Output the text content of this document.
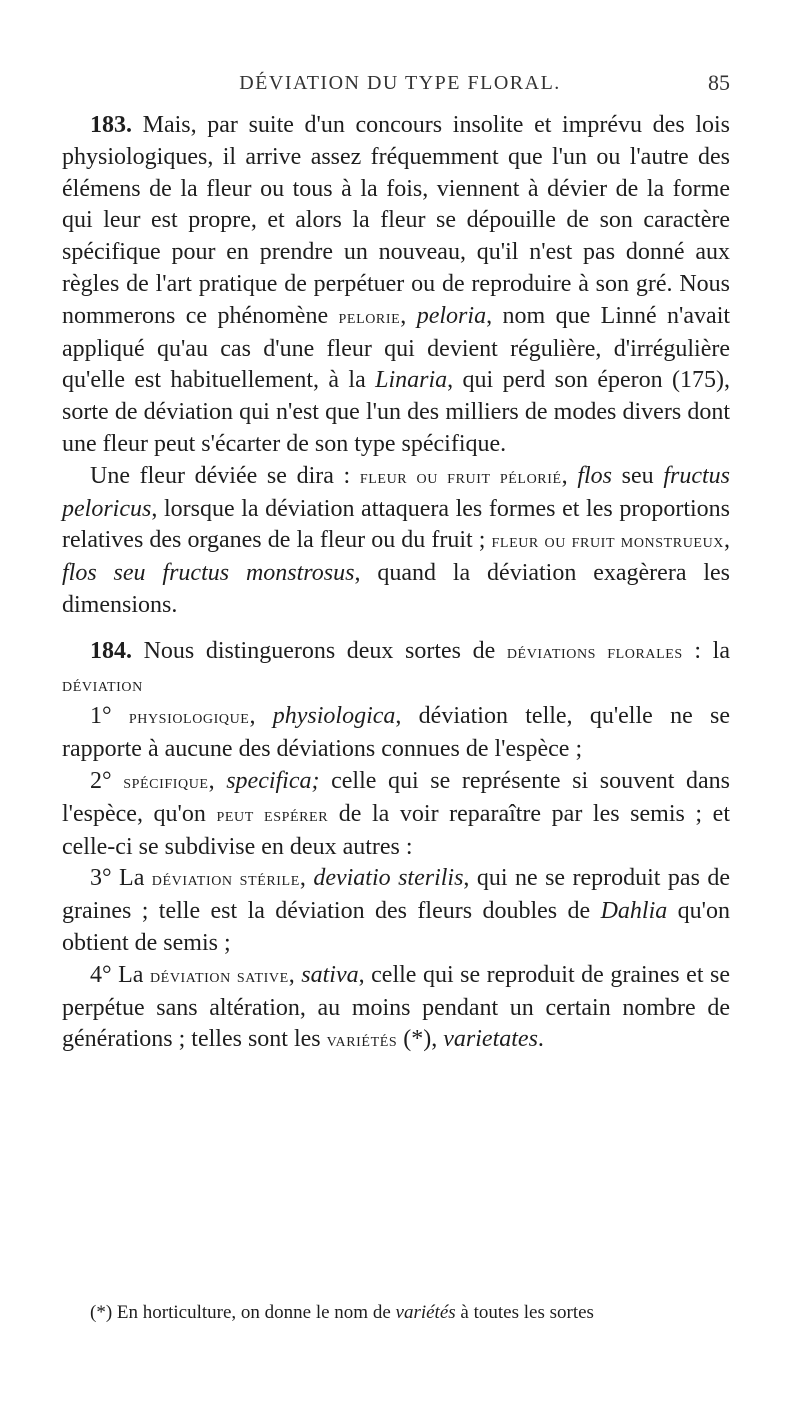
DÉVIATION DU TYPE FLORAL.	85

183. Mais, par suite d'un concours insolite et imprévu des lois physiologiques, il arrive assez fréquemment que l'un ou l'autre des élémens de la fleur ou tous à la fois, viennent à dévier de la forme qui leur est propre, et alors la fleur se dépouille de son caractère spécifique pour en prendre un nouveau, qu'il n'est pas donné aux règles de l'art pratique de perpétuer ou de reproduire à son gré. Nous nommerons ce phénomène pelorie, peloria, nom que Linné n'avait appliqué qu'au cas d'une fleur qui devient régulière, d'irrégulière qu'elle est habituellement, à la Linaria, qui perd son éperon (175), sorte de déviation qui n'est que l'un des milliers de modes divers dont une fleur peut s'écarter de son type spécifique.

Une fleur déviée se dira : fleur ou fruit pélorié, flos seu fructus peloricus, lorsque la déviation attaquera les formes et les proportions relatives des organes de la fleur ou du fruit ; fleur ou fruit monstrueux, flos seu fructus monstrosus, quand la déviation exagèrera les dimensions.

184. Nous distinguerons deux sortes de déviations florales : la déviation

1° physiologique, physiologica, déviation telle, qu'elle ne se rapporte à aucune des déviations connues de l'espèce ;

2° spécifique, specifica; celle qui se représente si souvent dans l'espèce, qu'on peut espérer de la voir reparaître par les semis ; et celle-ci se subdivise en deux autres :

3° La déviation stérile, deviatio sterilis, qui ne se reproduit pas de graines ; telle est la déviation des fleurs doubles de Dahlia qu'on obtient de semis ;

4° La déviation sative, sativa, celle qui se reproduit de graines et se perpétue sans altération, au moins pendant un certain nombre de générations ; telles sont les variétés (*), varietates.

(*) En horticulture, on donne le nom de variétés à toutes les sortes
